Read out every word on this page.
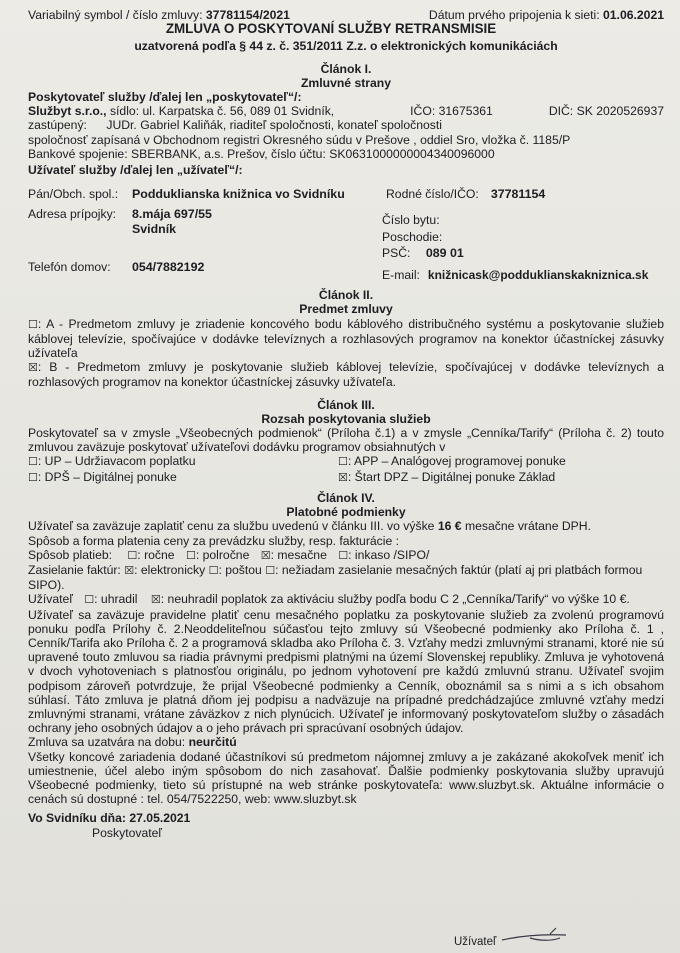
Variabilný symbol / číslo zmluvy: 37781154/2021	Dátum prvého pripojenia k sieti: 01.06.2021

ZMLUVA O POSKYTOVANÍ SLUŽBY RETRANSMISIE

uzatvorená podľa § 44 z. č. 351/2011 Z.z. o elektronických komunikáciách

Článok I.

Zmluvné strany

Poskytovateľ služby /ďalej len „poskytovateľ“/:

Službyt s.r.o., sídlo: ul. Karpatska č. 56, 089 01 Svidník,	IČO: 31675361	DIČ: SK 2020526937
zastúpený: JUDr. Gabriel Kaliňák, riaditeľ spoločnosti, konateľ spoločnosti

spoločnosť zapísaná v Obchodnom registri Okresného súdu v Prešove , oddiel Sro, vložka č. 1185/P

Bankové spojenie: SBERBANK, a.s. Prešov, číslo účtu: SK0631000000004340096000

Užívateľ služby /ďalej len „užívateľ“/:

Pán/Obch. spol.:	Podduklianska knižnica vo Svidníku	Rodné číslo/IČO: 37781154
Adresa prípojky:	8.mája 697/55
Svidník
Číslo bytu:
Poschodie:
PSČ: 089 01
Telefón domov:	054/7882192
E-mail: knižnicask@podduklianskakniznica.sk

Článok II.

Predmet zmluvy

☐: A - Predmetom zmluvy je zriadenie koncového bodu káblového distribučného systému a poskytovanie služieb káblovej televízie, spočívajúce v dodávke televíznych a rozhlasových programov na konektor účastníckej zásuvky užívateľa

☒: B - Predmetom zmluvy je poskytovanie služieb káblovej televízie, spočívajúcej v dodávke televíznych a rozhlasových programov na konektor účastníckej zásuvky užívateľa.

Článok III.

Rozsah poskytovania služieb

Poskytovateľ sa v zmysle „Všeobecných podmienok“ (Príloha č.1) a v zmysle „Cenníka/Tarify“ (Príloha č. 2) touto zmluvou zaväzuje poskytovať užívateľovi dodávku programov obsiahnutých v

☐: UP – Udržiavacom poplatku	☐: APP – Analógovej programovej ponuke
☐: DPŠ – Digitálnej ponuke	☒: Štart DPZ – Digitálnej ponuke Základ

Článok IV.

Platobné podmienky

Užívateľ sa zaväzuje zaplatiť cenu za službu uvedenú v článku III. vo výške 16 € mesačne vrátane DPH.

Spôsob a forma platenia ceny za prevádzku služby, resp. fakturácie :

Spôsob platieb: ☐: ročne ☐: polročne ☒: mesačne ☐: inkaso /SIPO/

Zasielanie faktúr: ☒: elektronicky ☐: poštou ☐: nežiadam zasielanie mesačných faktúr (platí aj pri platbách formou SIPO).

Užívateľ ☐: uhradil ☒: neuhradil poplatok za aktiváciu služby podľa bodu C 2 „Cenníka/Tarify“ vo výške 10 €.

Užívateľ sa zaväzuje pravidelne platiť cenu mesačného poplatku za poskytovanie služieb za zvolenú programovú ponuku podľa Prílohy č. 2.Neoddeliteľnou súčasťou tejto zmluvy sú Všeobecné podmienky ako Príloha č. 1 , Cenník/Tarifa ako Príloha č. 2 a programová skladba ako Príloha č. 3. Vzťahy medzi zmluvnými stranami, ktoré nie sú upravené touto zmluvou sa riadia právnymi predpismi platnými na území Slovenskej republiky. Zmluva je vyhotovená v dvoch vyhotoveniach s platnosťou originálu, po jednom vyhotovení pre každú zmluvnú stranu. Užívateľ svojim podpisom zároveň potvrdzuje, že prijal Všeobecné podmienky a Cenník, oboznámil sa s nimi a s ich obsahom súhlasí. Táto zmluva je platná dňom jej podpisu a nadväzuje na prípadné predchádzajúce zmluvné vzťahy medzi zmluvnými stranami, vrátane záväzkov z nich plynúcich. Užívateľ je informovaný poskytovateľom služby o zásadách ochrany jeho osobných údajov a o jeho právach pri spracúvaní osobných údajov.

Zmluva sa uzatvára na dobu: neurčitú

Všetky koncové zariadenia dodané účastníkovi sú predmetom nájomnej zmluvy a je zakázané akokoľvek meniť ich umiestnenie, účel alebo iným spôsobom do nich zasahovať. Ďalšie podmienky poskytovania služby upravujú Všeobecné podmienky, tieto sú prístupné na web stránke poskytovateľa: www.sluzbyt.sk. Aktuálne informácie o cenách sú dostupné : tel. 054/7522250, web: www.sluzbyt.sk

Vo Svidníku dňa: 27.05.2021

Poskytovateľ

Užívateľ
